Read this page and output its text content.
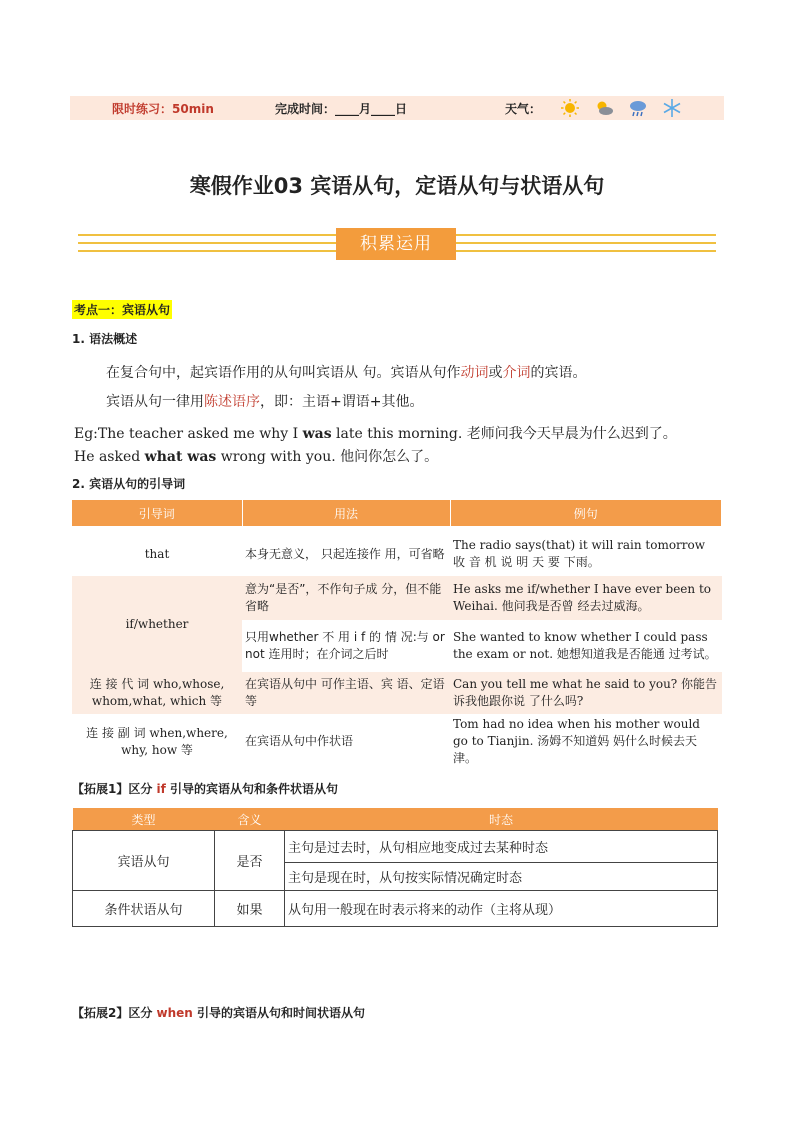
限时练习：50min	完成时间：____月____日	天气：
寒假作业03 宾语从句，定语从句与状语从句
积累运用
考点一：宾语从句
1. 语法概述
在复合句中，起宾语作用的从句叫宾语从 句。宾语从句作动词或介词的宾语。
宾语从句一律用陈述语序，即：主语+谓语+其他。
Eg:The teacher asked me why I was late this morning. 老师问我今天早晨为什么迟到了。
He asked what was wrong with you. 他问你怎么了。
2. 宾语从句的引导词
引导词	用法	例句

that	本身无意义， 只起连接作 用，可省略	The radio says(that) it will rain tomorrow 收 音 机 说 明 天 要 下雨。
if/whether	意为“是否”，不作句子成 分，但不能 省略	He asks me if/whether I have ever been to Weihai. 他问我是否曾 经去过威海。
	只用whether 不 用 i f 的 情 况:与 or not 连用时；在介词之后时	She wanted to know whether I could pass the exam or not. 她想知道我是否能通 过考试。
连 接 代 词 who,whose, whom,what, which 等	在宾语从句中 可作主语、宾 语、定语等	Can you tell me what he said to you? 你能告诉我他跟你说 了什么吗?
连 接 副 词 when,where, why, how 等	在宾语从句中作状语	Tom had no idea when his mother would go to Tianjin. 汤姆不知道妈 妈什么时候去天津。
【拓展1】区分 if 引导的宾语从句和条件状语从句
类型	含义	时态
宾语从句	是否	主句是过去时，从句相应地变成过去某种时态
		主句是现在时，从句按实际情况确定时态
条件状语从句	如果	从句用一般现在时表示将来的动作（主将从现）
【拓展2】区分 when 引导的宾语从句和时间状语从句
